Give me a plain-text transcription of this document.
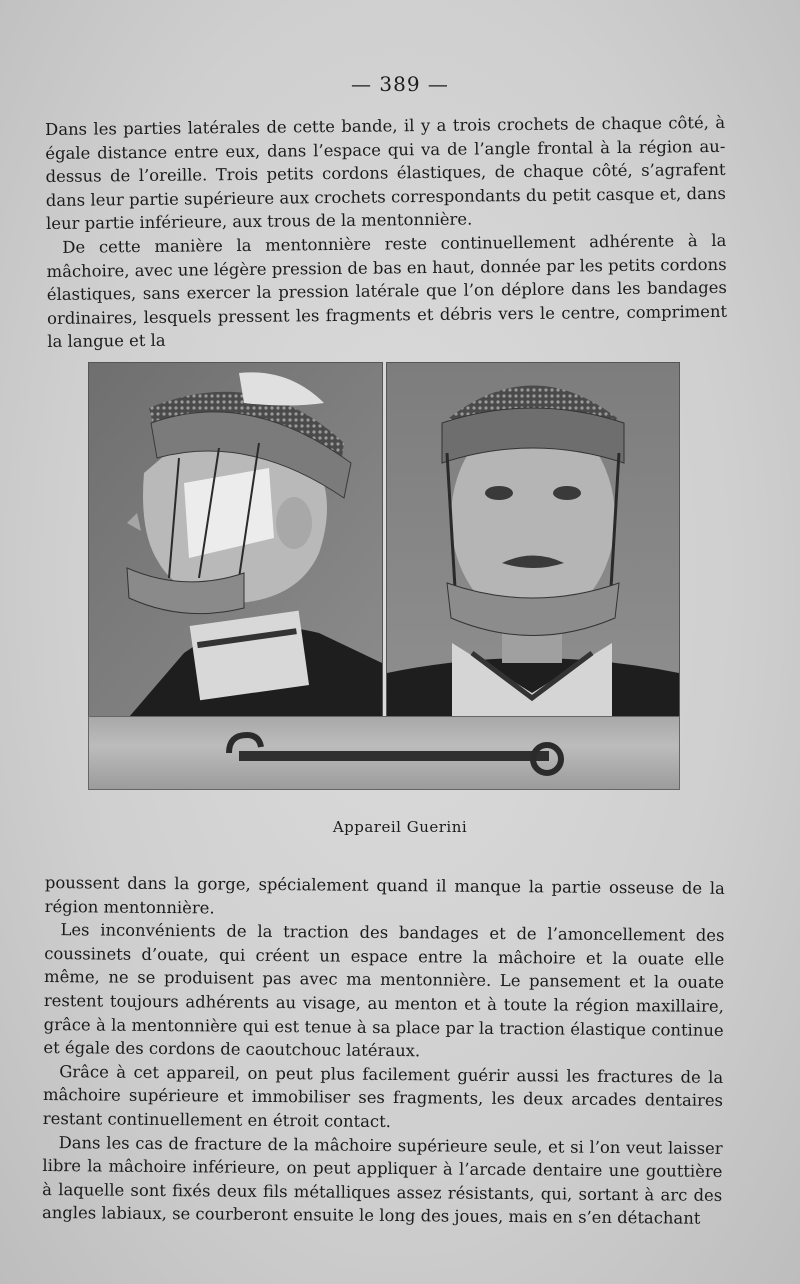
— 389 —

Dans les parties latérales de cette bande, il y a trois crochets de chaque côté, à égale distance entre eux, dans l’espace qui va de l’angle frontal à la région au-dessus de l’oreille. Trois petits cordons élastiques, de chaque côté, s’agrafent dans leur partie supérieure aux crochets correspondants du petit casque et, dans leur partie inférieure, aux trous de la mentonnière.

De cette manière la mentonnière reste continuellement adhérente à la mâchoire, avec une légère pression de bas en haut, donnée par les petits cordons élastiques, sans exercer la pression latérale que l’on déplore dans les bandages ordinaires, lesquels pressent les fragments et débris vers le centre, compriment la langue et la

Appareil Guerini

poussent dans la gorge, spécialement quand il manque la partie osseuse de la région mentonnière.

Les inconvénients de la traction des bandages et de l’amoncellement des coussinets d’ouate, qui créent un espace entre la mâchoire et la ouate elle même, ne se produisent pas avec ma mentonnière. Le pansement et la ouate restent toujours adhérents au visage, au menton et à toute la région maxillaire, grâce à la mentonnière qui est tenue à sa place par la traction élastique continue et égale des cordons de caoutchouc latéraux.

Grâce à cet appareil, on peut plus facilement guérir aussi les fractures de la mâchoire supérieure et immobiliser ses fragments, les deux arcades dentaires restant continuellement en étroit contact.

Dans les cas de fracture de la mâchoire supérieure seule, et si l’on veut laisser libre la mâchoire inférieure, on peut appliquer à l’arcade dentaire une gouttière à laquelle sont fixés deux fils métalliques assez résistants, qui, sortant à arc des angles labiaux, se courberont ensuite le long des joues, mais en s’en détachant
